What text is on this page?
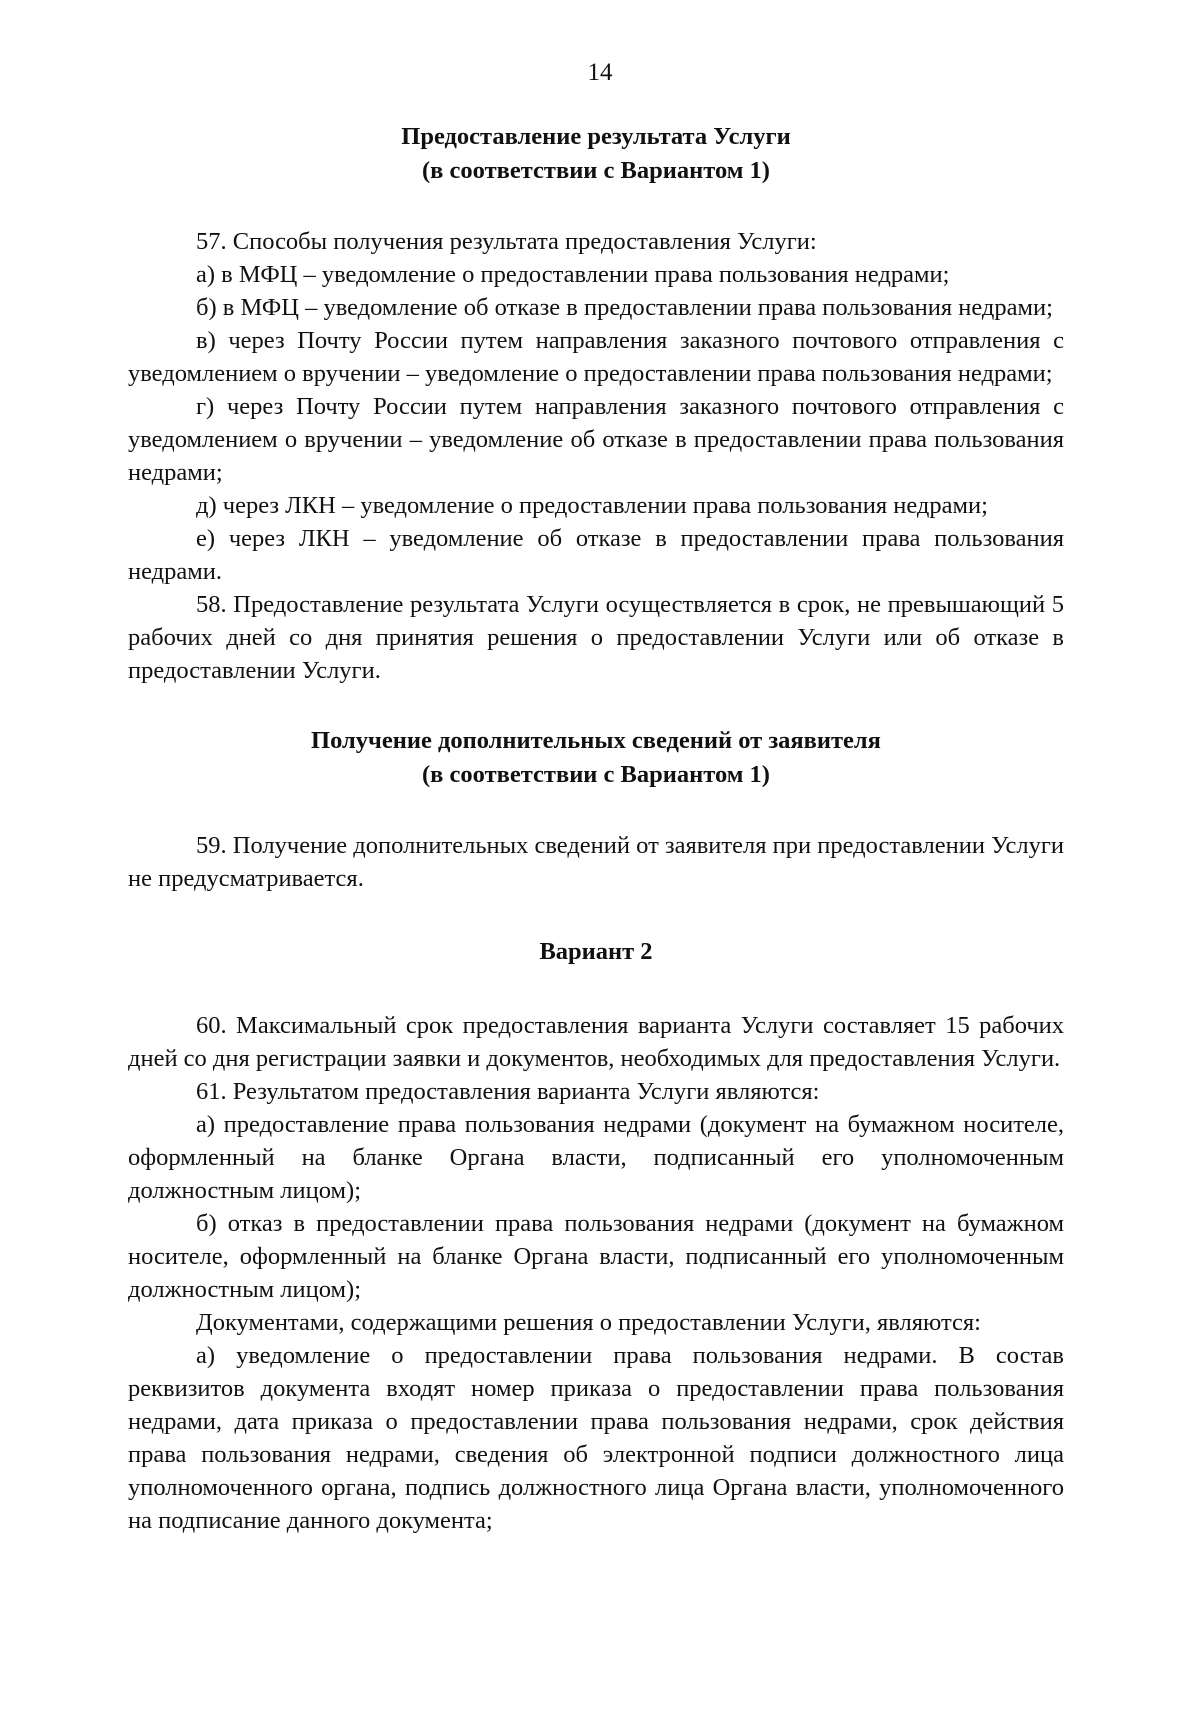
14
Предоставление результата Услуги
(в соответствии с Вариантом 1)

57. Способы получения результата предоставления Услуги:

а) в МФЦ – уведомление о предоставлении права пользования недрами;

б) в МФЦ – уведомление об отказе в предоставлении права пользования недрами;

в) через Почту России путем направления заказного почтового отправления с уведомлением о вручении – уведомление о предоставлении права пользования недрами;

г) через Почту России путем направления заказного почтового отправления с уведомлением о вручении – уведомление об отказе в предоставлении права пользования недрами;

д) через ЛКН – уведомление о предоставлении права пользования недрами;

е) через ЛКН – уведомление об отказе в предоставлении права пользования недрами.

58. Предоставление результата Услуги осуществляется в срок, не превышающий 5 рабочих дней со дня принятия решения о предоставлении Услуги или об отказе в предоставлении Услуги.

Получение дополнительных сведений от заявителя
(в соответствии с Вариантом 1)

59. Получение дополнительных сведений от заявителя при предоставлении Услуги не предусматривается.

Вариант 2

60. Максимальный срок предоставления варианта Услуги составляет 15 рабочих дней со дня регистрации заявки и документов, необходимых для предоставления Услуги.

61. Результатом предоставления варианта Услуги являются:

а) предоставление права пользования недрами (документ на бумажном носителе, оформленный на бланке Органа власти, подписанный его уполномоченным должностным лицом);

б) отказ в предоставлении права пользования недрами (документ на бумажном носителе, оформленный на бланке Органа власти, подписанный его уполномоченным должностным лицом);

Документами, содержащими решения о предоставлении Услуги, являются:

а) уведомление о предоставлении права пользования недрами. В состав реквизитов документа входят номер приказа о предоставлении права пользования недрами, дата приказа о предоставлении права пользования недрами, срок действия права пользования недрами, сведения об электронной подписи должностного лица уполномоченного органа, подпись должностного лица Органа власти, уполномоченного на подписание данного документа;
